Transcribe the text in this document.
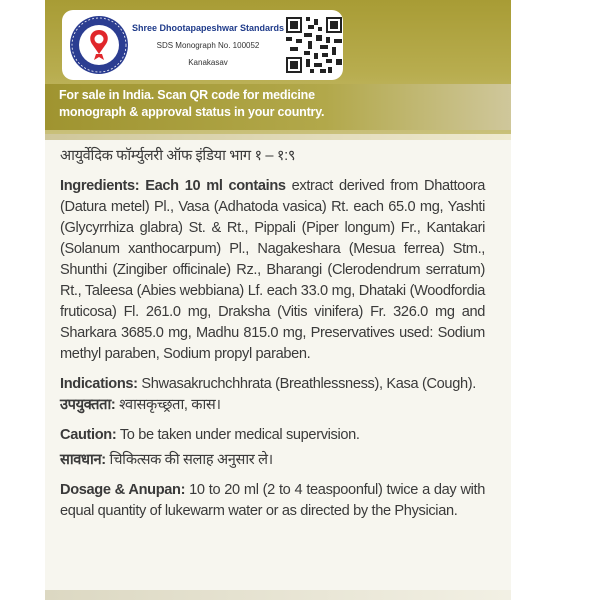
Shree Dhootapapeshwar Standards
SDS Monograph No. 100052
Kanakasav
For sale in India. Scan QR code for medicine
monograph & approval status in your country.

आयुर्वेदिक फॉर्म्युलरी ऑफ इंडिया भाग १ – १:९

Ingredients: Each 10 ml contains extract derived from Dhattoora (Datura metel) Pl., Vasa (Adhatoda vasica) Rt. each 65.0 mg, Yashti (Glycyrrhiza glabra) St. & Rt., Pippali (Piper longum) Fr., Kantakari (Solanum xanthocarpum) Pl., Nagakeshara (Mesua ferrea) Stm., Shunthi (Zingiber officinale) Rz., Bharangi (Clerodendrum serratum) Rt., Taleesa (Abies webbiana) Lf. each 33.0 mg, Dhataki (Woodfordia fruticosa) Fl. 261.0 mg, Draksha (Vitis vinifera) Fr. 326.0 mg and Sharkara 3685.0 mg, Madhu 815.0 mg, Preservatives used: Sodium methyl paraben, Sodium propyl paraben.

Indications: Shwasakruchchhrata (Breathlessness), Kasa (Cough).

उपयुक्तता: श्वासकृच्छ्रता, कास।

Caution: To be taken under medical supervision.

सावधान: चिकित्सक की सलाह अनुसार ले।

Dosage & Anupan: 10 to 20 ml (2 to 4 teaspoonful) twice a day with equal quantity of lukewarm water or as directed by the Physician.
